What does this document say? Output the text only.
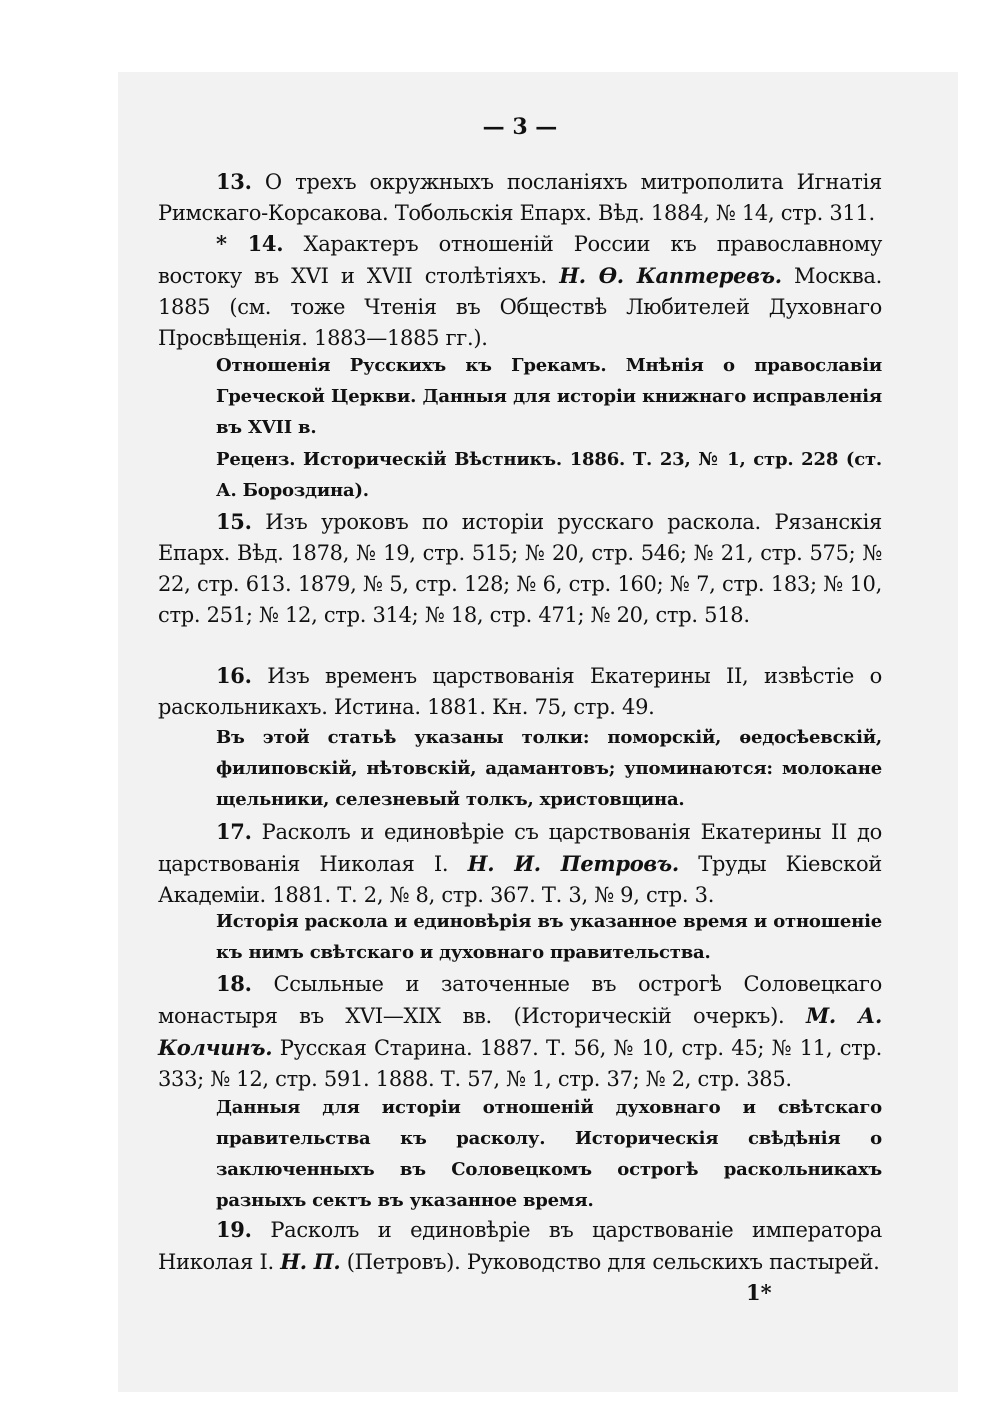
— 3 —
13. О трехъ окружныхъ посланіяхъ митрополита Игнатія Римскаго-Корсакова. Тобольскія Епарх. Вѣд. 1884, № 14, стр. 311.
* 14. Характеръ отношеній России къ православному востоку въ XVI и XVII столѣтіяхъ. Н. Ѳ. Каптеревъ. Москва. 1885 (см. тоже Чтенія въ Обществѣ Любителей Духовнаго Просвѣщенія. 1883—1885 гг.).
Отношенія Русскихъ къ Грекамъ. Мнѣнія о православіи Греческой Церкви. Данныя для исторіи книжнаго исправленія въ XVII в.
Реценз. Историческій Вѣстникъ. 1886. Т. 23, № 1, стр. 228 (ст. А. Бороздина).
15. Изъ уроковъ по исторіи русскаго раскола. Рязанскія Епарх. Вѣд. 1878, № 19, стр. 515; № 20, стр. 546; № 21, стр. 575; № 22, стр. 613. 1879, № 5, стр. 128; № 6, стр. 160; № 7, стр. 183; № 10, стр. 251; № 12, стр. 314; № 18, стр. 471; № 20, стр. 518.
16. Изъ временъ царствованія Екатерины II, извѣстіе о раскольникахъ. Истина. 1881. Кн. 75, стр. 49.
Въ этой статьѣ указаны толки: поморскій, ѳедосѣевскій, филиповскій, нѣтовскій, адамантовъ; упоминаются: молокане щельники, селезневый толкъ, христовщина.
17. Расколъ и единовѣріе съ царствованія Екатерины II до царствованія Николая I. Н. И. Петровъ. Труды Кіевской Академіи. 1881. Т. 2, № 8, стр. 367. Т. 3, № 9, стр. 3.
Исторія раскола и единовѣрія въ указанное время и отношеніе къ нимъ свѣтскаго и духовнаго правительства.
18. Ссыльные и заточенные въ острогѣ Соловецкаго монастыря въ XVI—XIX вв. (Историческій очеркъ). М. А. Колчинъ. Русская Старина. 1887. Т. 56, № 10, стр. 45; № 11, стр. 333; № 12, стр. 591. 1888. Т. 57, № 1, стр. 37; № 2, стр. 385.
Данныя для исторіи отношеній духовнаго и свѣтскаго правительства къ расколу. Историческія свѣдѣнія о заключенныхъ въ Соловецкомъ острогѣ раскольникахъ разныхъ сектъ въ указанное время.
19. Расколъ и единовѣріе въ царствованіе императора Николая I. Н. П. (Петровъ). Руководство для сельскихъ пастырей.
1*
